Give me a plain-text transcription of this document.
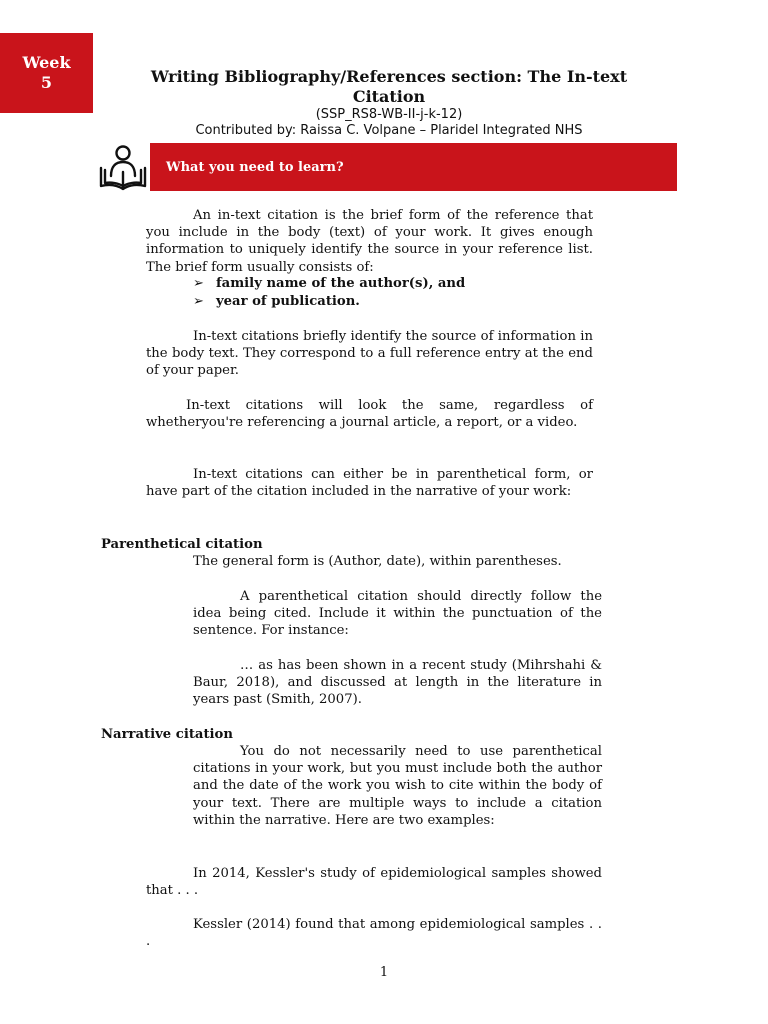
Week
5	Writing Bibliography/References section: The In-text Citation
(SSP_RS8-WB-II-j-k-12)
Contributed by: Raissa C. Volpane – Plaridel Integrated NHS
What you need to learn?

An in-text citation is the brief form of the reference that you include in the body (text) of your work. It gives enough information to uniquely identify the source in your reference list. The brief form usually consists of:

➢ family name of the author(s), and
➢ year of publication.

In-text citations briefly identify the source of information in the body text. They correspond to a full reference entry at the end of your paper.

In-text citations will look the same, regardless of whetheryou're referencing a journal article, a report, or a video.

In-text citations can either be in parenthetical form, or have part of the citation included in the narrative of your work:

Parenthetical citation

The general form is (Author, date), within parentheses.

A parenthetical citation should directly follow the idea being cited. Include it within the punctuation of the sentence. For instance:

… as has been shown in a recent study (Mihrshahi & Baur, 2018), and discussed at length in the literature in years past (Smith, 2007).

Narrative citation

You do not necessarily need to use parenthetical citations in your work, but you must include both the author and the date of the work you wish to cite within the body of your text. There are multiple ways to include a citation within the narrative. Here are two examples:

In 2014, Kessler's study of epidemiological samples showed that . . .

Kessler (2014) found that among epidemiological samples . . .

1
